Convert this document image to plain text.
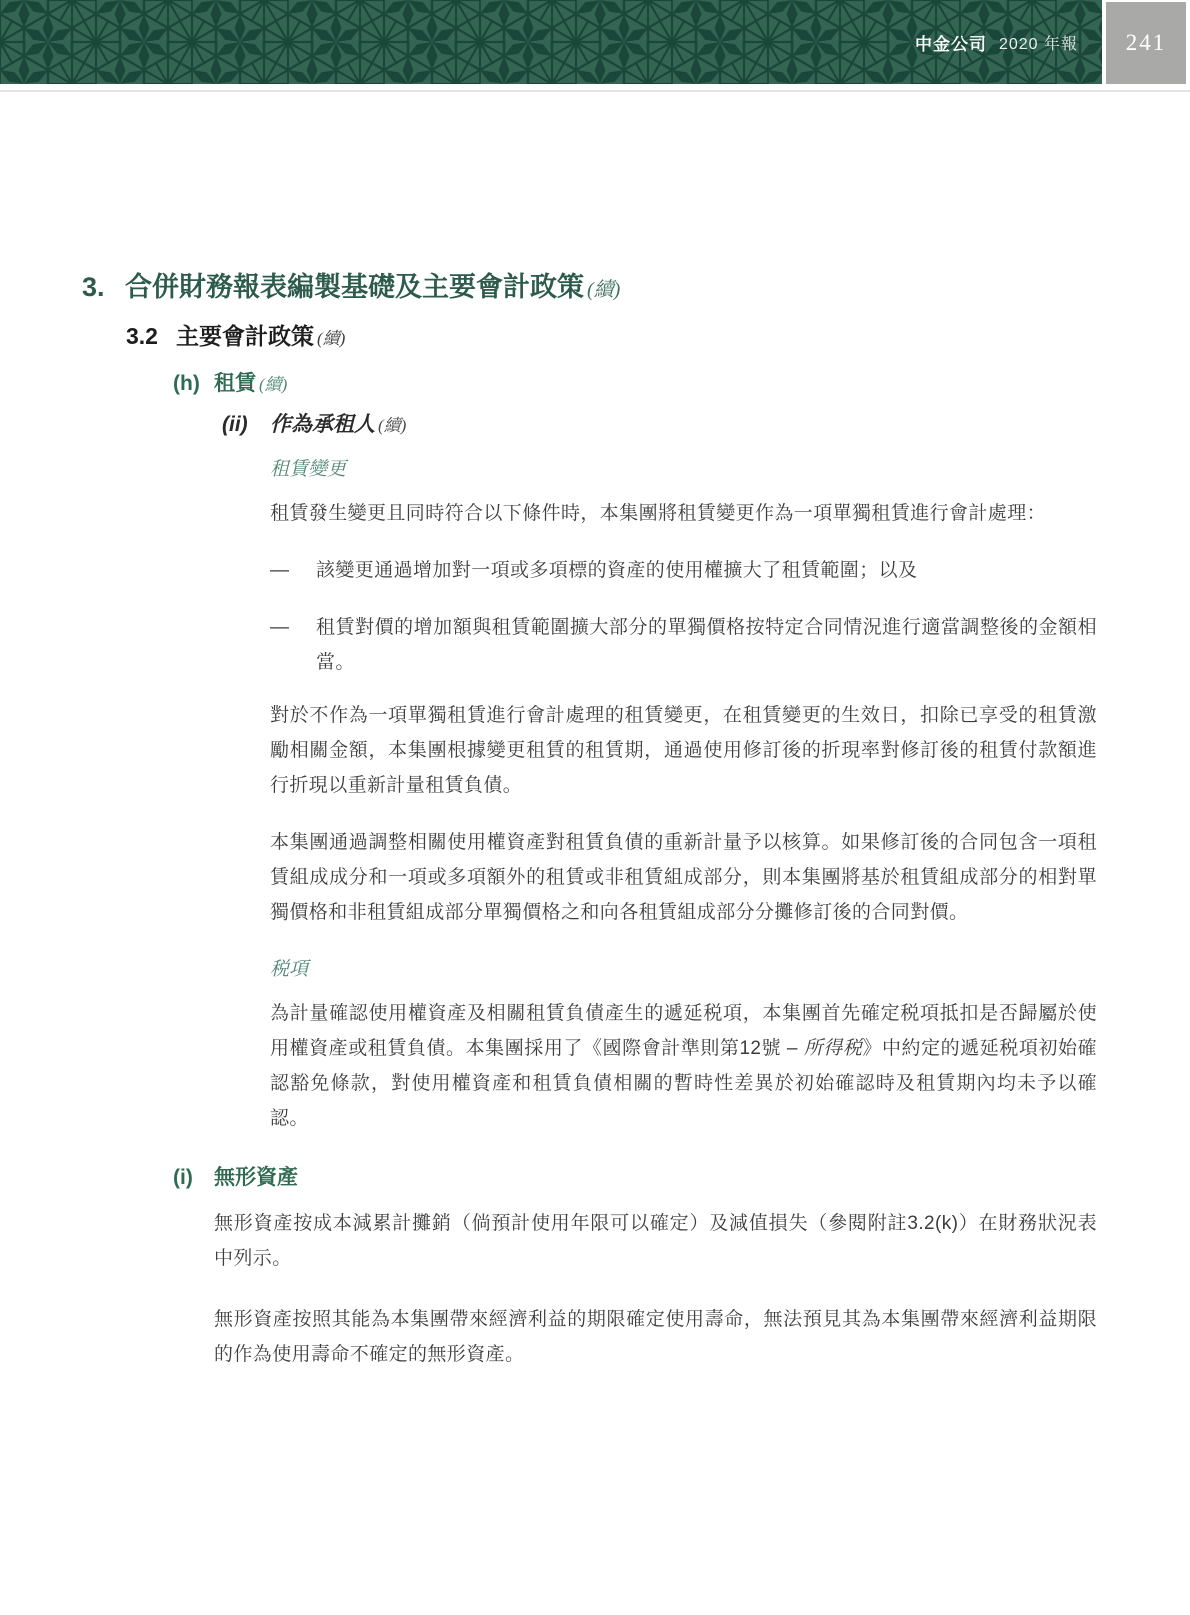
中金公司 2020 年報 241
3. 合併財務報表編製基礎及主要會計政策 (續)
3.2 主要會計政策 (續)
(h) 租賃 (續)
(ii)	作為承租人 (續)
租賃變更
租賃發生變更且同時符合以下條件時，本集團將租賃變更作為一項單獨租賃進行會計處理：
—	該變更通過增加對一項或多項標的資產的使用權擴大了租賃範圍；以及
—	租賃對價的增加額與租賃範圍擴大部分的單獨價格按特定合同情況進行適當調整後的金額相當。
對於不作為一項單獨租賃進行會計處理的租賃變更，在租賃變更的生效日，扣除已享受的租賃激勵相關金額，本集團根據變更租賃的租賃期，通過使用修訂後的折現率對修訂後的租賃付款額進行折現以重新計量租賃負債。
本集團通過調整相關使用權資產對租賃負債的重新計量予以核算。如果修訂後的合同包含一項租賃組成成分和一項或多項額外的租賃或非租賃組成部分，則本集團將基於租賃組成部分的相對單獨價格和非租賃組成部分單獨價格之和向各租賃組成部分分攤修訂後的合同對價。
税項
為計量確認使用權資產及相關租賃負債產生的遞延税項，本集團首先確定税項抵扣是否歸屬於使用權資產或租賃負債。本集團採用了《國際會計準則第12號 – 所得税》中約定的遞延税項初始確認豁免條款，對使用權資產和租賃負債相關的暫時性差異於初始確認時及租賃期內均未予以確認。
(i)	無形資產
無形資產按成本減累計攤銷（倘預計使用年限可以確定）及減值損失（參閱附註3.2(k)）在財務狀況表中列示。
無形資產按照其能為本集團帶來經濟利益的期限確定使用壽命，無法預見其為本集團帶來經濟利益期限的作為使用壽命不確定的無形資產。
